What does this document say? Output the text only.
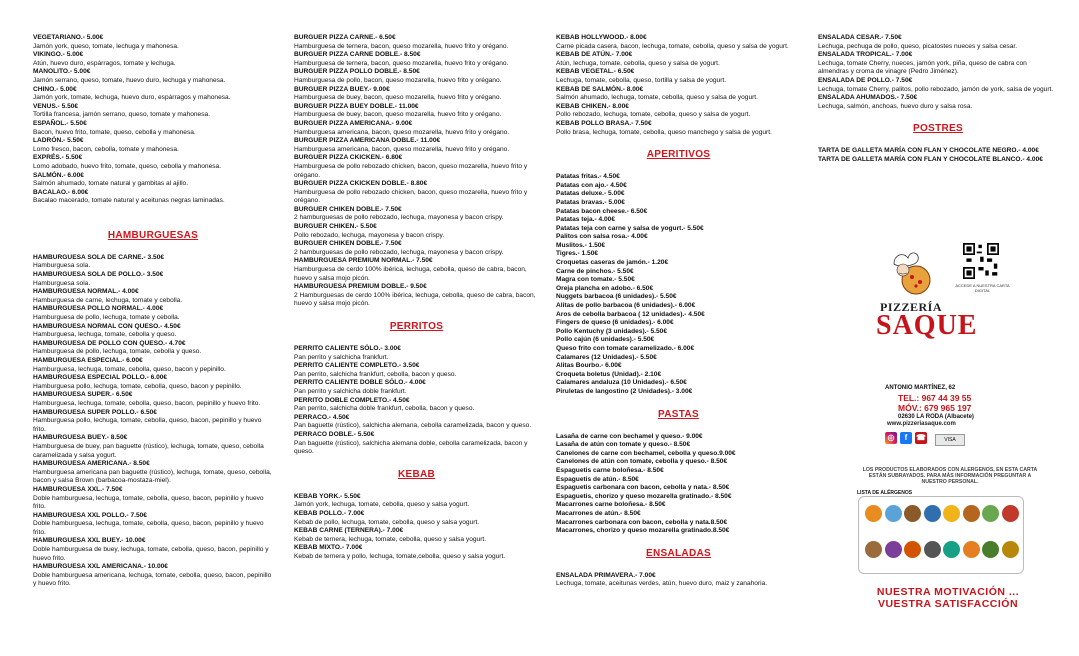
VEGETARIANO.- 5.00€
Jamón york, queso, tomate, lechuga y mahonesa.
VIKINGO.- 5.00€
Atún, huevo duro, espárragos, tomate y lechuga.
MANOLITO.- 5.00€
Jamón serrano, queso, tomate, huevo duro, lechuga y mahonesa.
CHINO.- 5.00€
Jamón york, tomate, lechuga, huevo duro, espárragos y mahonesa.
VENUS.- 5.50€
Tortilla francesa, jamón serrano, queso, tomate y mahonesa.
ESPAÑOL.- 5.50€
Bacon, huevo frito, tomate, queso, cebolla y mahonesa.
LADRÓN.- 5.50€
Lomo fresco, bacon, cebolla, tomate y mahonesa.
EXPRÉS.- 5.50€
Lomo adobado, huevo frito, tomate, queso, cebolla y mahonesa.
SALMÓN.- 6.00€
Salmón ahumado, tomate natural y gambitas al ajillo.
BACALAO.- 6.00€
Bacalao macerado, tomate natural y aceitunas negras laminadas.
HAMBURGUESAS
HAMBURGUESA SOLA DE CARNE.- 3.50€
Hamburguesa sola.
HAMBURGUESA SOLA DE POLLO.- 3.50€
Hamburguesa sola.
HAMBURGUESA NORMAL.- 4.00€
Hamburguesa de carne, lechuga, tomate y cebolla.
HAMBURGUESA POLLO NORMAL.- 4.00€
Hamburguesa de pollo, lechuga, tomate y cebolla.
HAMBURGUESA NORMAL CON QUESO.- 4.50€
Hamburguesa, lechuga, tomate, cebolla y queso.
HAMBURGUESA DE POLLO CON QUESO.- 4.70€
Hamburguesa de pollo, lechuga, tomate, cebolla y queso.
HAMBURGUESA ESPECIAL.- 6.00€
Hamburguesa, lechuga, tomate, cebolla, queso, bacon y pepinillo.
HAMBURGUESA ESPECIAL POLLO.- 6.00€
Hamburguesa pollo, lechuga, tomate, cebolla, queso, bacon y pepinillo.
HAMBURGUESA SUPER.- 6.50€
Hamburguesa, lechuga, tomate, cebolla, queso, bacon, pepinillo y huevo frito.
HAMBURGUESA SUPER POLLO.- 6.50€
Hamburguesa pollo, lechuga, tomate, cebolla, queso, bacon, pepinillo y huevo frito.
HAMBURGUESA BUEY.- 8.50€
Hamburguesa de buey, pan baguette (rústico), lechuga, tomate, queso, cebolla caramelizada y salsa yogurt.
HAMBURGUESA AMERICANA.- 8.50€
Hamburguesa americana pan baguette (rústico), lechuga, tomate, queso, cebolla, bacon y salsa Brown (barbacoa-mostaza-miel).
HAMBURGUESA XXL.- 7.50€
Doble hamburguesa, lechuga, tomate, cebolla, queso, bacon, pepinillo y huevo frito.
HAMBURGUESA XXL POLLO.- 7.50€
Doble hamburguesa, lechuga, tomate, cebolla, queso, bacon, pepinillo y huevo frito.
HAMBURGUESA XXL BUEY.- 10.00€
Doble hamburguesa de buey, lechuga, tomate, cebolla, queso, bacon, pepinillo y huevo frito.
HAMBURGUESA XXL AMERICANA.- 10.00€
Doble hamburguesa americana, lechuga, tomate, cebolla, queso, bacon, pepinillo y huevo frito.
BURGUER PIZZA CARNE.- 6.50€
Hamburguesa de ternera, bacon, queso mozarella, huevo frito y orégano.
BURGUER PIZZA CARNE DOBLE.- 8.50€
Hamburguesa de ternera, bacon, queso mozarella, huevo frito y orégano.
BURGUER PIZZA POLLO DOBLE.- 8.50€
Hamburguesa de pollo, bacon, queso mozarella, huevo frito y orégano.
BURGUER PIZZA BUEY.- 9.00€
Hamburguesa de buey, bacon, queso mozarella, huevo frito y orégano.
BURGUER PIZZA BUEY DOBLE.- 11.00€
Hamburguesa de buey, bacon, queso mozarella, huevo frito y orégano.
BURGUER PIZZA AMERICANA.- 9.00€
Hamburguesa americana, bacon, queso mozarella, huevo frito y orégano.
BURGUER PIZZA AMERICANA DOBLE.- 11.00€
Hamburguesa americana, bacon, queso mozarella, huevo frito y orégano.
BURGUER PIZZA CKICKEN.- 6.80€
Hamburguesa de pollo rebozado chicken, bacon, queso mozarella, huevo frito y orégano.
BURGUER PIZZA CKICKEN DOBLE.- 8.80€
Hamburguesa de pollo rebozado chicken, bacon, queso mozarella, huevo frito y orégano.
BURGUER CHIKEN DOBLE.- 7.50€
2 hamburguesas de pollo rebozado, lechuga, mayonesa y bacon crispy.
BURGUER CHIKEN.- 5.50€
Pollo rebozado, lechuga, mayonesa y bacon crispy.
BURGUER CHIKEN DOBLE.- 7.50€
2 hamburguesas de pollo rebozado, lechuga, mayonesa y bacon crispy.
HAMBURGUESA PREMIUM NORMAL.- 7.50€
Hamburguesa de cerdo 100% ibérica, lechuga, cebolla, queso de cabra, bacon, huevo y salsa mojo picón.
HAMBURGUESA PREMIUM DOBLE.- 9.50€
2 Hamburguesas de cerdo 100% ibérica, lechuga, cebolla, queso de cabra, bacon, huevo y salsa mojo picón.
PERRITOS
PERRITO CALIENTE SÓLO.- 3.00€
Pan perrito y salchicha frankfurt.
PERRITO CALIENTE COMPLETO.- 3.50€
Pan perrito, salchicha frankfurt, cebolla, bacon y queso.
PERRITO CALIENTE DOBLE SÓLO.- 4.00€
Pan perrito y salchicha doble frankfurt.
PERRITO DOBLE COMPLETO.- 4.50€
Pan perrito, salchicha doble frankfurt, cebolla, bacon y queso.
PERRACO.- 4.50€
Pan baguette (rústico), salchicha alemana, cebolla caramelizada, bacon y queso.
PERRACO DOBLE.- 5.50€
Pan baguette (rústico), salchicha alemana doble, cebolla caramelizada, bacon y queso.
KEBAB
KEBAB YORK.- 5.50€
Jamón york, lechuga, tomate, cebolla, queso y salsa yogurt.
KEBAB POLLO.- 7.00€
Kebab de pollo, lechuga, tomate, cebolla, queso y salsa yogurt.
KEBAB CARNE (TERNERA).- 7.00€
Kebab de ternera, lechuga, tomate, cebolla, queso y salsa yogurt.
KEBAB MIXTO.- 7.00€
Kebab de ternera y pollo, lechuga, tomate,cebolla, queso y salsa yogurt.
KEBAB HOLLYWOOD.- 8.00€
Carne picada casera, bacon, lechuga, tomate, cebolla, queso y salsa de yogurt.
KEBAB DE ATÚN.- 7.00€
Atún, lechuga, tomate, cebolla, queso y salsa de yogurt.
KEBAB VEGETAL.- 6.50€
Lechuga, tomate, cebolla, queso, tortilla y salsa de yogurt.
KEBAB DE SALMÓN.- 8.00€
Salmón ahumado, lechuga, tomate, cebolla, queso y salsa de yogurt.
KEBAB CHIKEN.- 8.00€
Pollo rebozado, lechuga, tomate, cebolla, queso y salsa de yogurt.
KEBAB POLLO BRASA.- 7.50€
Pollo brasa, lechuga, tomate, cebolla, queso manchego y salsa de yogurt.
APERITIVOS
Patatas fritas.- 4.50€
Patatas con ajo.- 4.50€
Patatas deluxe.- 5.00€
Patatas bravas.- 5.00€
Patatas bacon cheese.- 6.50€
Patatas teja.- 4.00€
Patatas teja con carne y salsa de yogurt.- 5.50€
Palitos con salsa rosa.- 4.00€
Muslitos.- 1.50€
Tigres.- 1.50€
Croquetas caseras de jamón.- 1.20€
Carne de pinchos.- 5.50€
Magra con tomate.- 5.50€
Oreja plancha en adobo.- 6.50€
Nuggets barbacoa (6 unidades).- 5.50€
Alitas de pollo barbacoa (6 unidades).- 6.00€
Aros de cebolla barbacoa ( 12 unidades).- 4.50€
Fingers de queso (6 unidades).- 6.00€
Pollo Kentuchy (3 unidades).- 5.50€
Pollo cajún (6 unidades).- 5.50€
Queso frito con tomate caramelizado.- 6.00€
Calamares (12 Unidades).- 5.50€
Alitas Bourbo.- 6.00€
Croqueta boletus (Unidad).- 2.10€
Calamares andaluza (10 Unidades).- 6.50€
Piruletas de langostino (2 Unidades).- 3.00€
PASTAS
Lasaña de carne con bechamel y queso.- 9.00€
Lasaña de atún con tomate y queso.- 8.50€
Canelones de carne con bechamel, cebolla y queso.9.00€
Canelones de atún con tomate, cebolla y queso.- 8.50€
Espaguetis carne boloñesa.- 8.50€
Espaguetis de atún.- 8.50€
Espaguetis carbonara con bacon, cebolla y nata.- 8.50€
Espaguetis, chorizo y queso mozarella gratinado.- 8.50€
Macarrones carne boloñesa.- 8.50€
Macarrones de atún.- 8.50€
Macarrones carbonara con bacon, cebolla y nata.8.50€
Macarrones, chorizo y queso mozarella gratinado.8.50€
ENSALADAS
ENSALADA PRIMAVERA.- 7.00€
Lechuga, tomate, aceitunas verdes, atún, huevo duro, maiz y zanahoria.
ENSALADA CESAR.- 7.50€
Lechuga, pechuga de pollo, queso, picatostes nueces y salsa cesar.
ENSALADA TROPICAL.- 7.00€
Lechuga, tomate Cherry, nueces, jamón york, piña, queso de cabra con almendras y croma de vinagre (Pedro Jiménez).
ENSALADA DE POLLO.- 7.50€
Lechuga, tomate Cherry, palitos, pollo rebozado, jamón de york, salsa de yogurt.
ENSALADA AHUMADOS.- 7.50€
Lechuga, salmón, anchoas, huevo duro y salsa rosa.
POSTRES
TARTA DE GALLETA MARÍA CON FLAN Y CHOCOLATE NEGRO.- 4.00€
TARTA DE GALLETA MARÍA CON FLAN Y CHOCOLATE BLANCO.- 4.00€
ACCEDE A NUESTRA CARTA DIGITAL
PIZZERÍA
SAQUE
ANTONIO MARTÍNEZ, 62
TEL.: 967 44 39 55
MÓV.: 679 965 197
02630 LA RODA (Albacete)
www.pizzeriasaque.com
◎	f	☎	VISA
LOS PRODUCTOS ELABORADOS CON ALERGENOS, EN ESTA CARTA ESTÁN SUBRAYADOS. PARA MÁS INFORMACIÓN PREGUNTAR A NUESTRO PERSONAL.
LISTA DE ALÉRGENOS
NUESTRA MOTIVACIÓN ...
VUESTRA SATISFACCIÓN
